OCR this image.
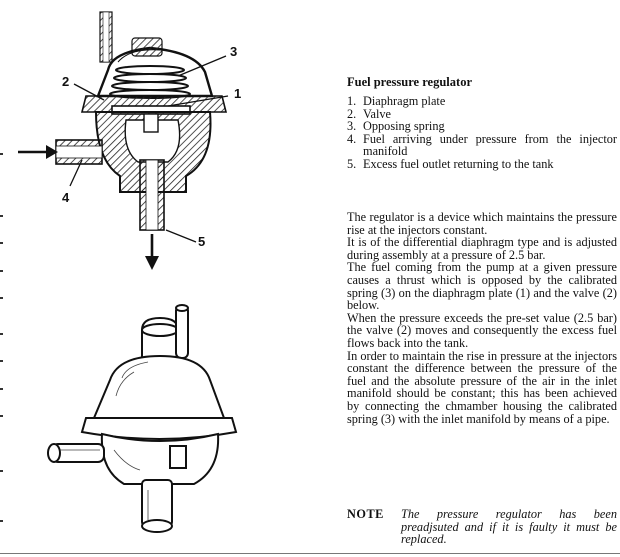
3
1
2
4
5
Fuel pressure regulator
1. Diaphragm plate
2. Valve
3. Opposing spring
4. Fuel arriving under pressure from the injector manifold
5. Excess fuel outlet returning to the tank

The regulator is a device which maintains the pressure rise at the injectors constant.

It is of the differential diaphragm type and is adjusted during assembly at a pressure of 2.5 bar.

The fuel coming from the pump at a given pressure causes a thrust which is opposed by the calibrated spring (3) on the diaphragm plate (1) and the valve (2) below.

When the pressure exceeds the pre-set value (2.5 bar) the valve (2) moves and consequently the excess fuel flows back into the tank.

In order to maintain the rise in pressure at the injectors constant the difference between the pressure of the fuel and the absolute pressure of the air in the inlet manifold should be constant; this has been achieved by connecting the chmamber housing the calibrated spring (3) with the inlet manifold by means of a pipe.

NOTE	The pressure regulator has been preadjsuted and if it is faulty it must be replaced.
